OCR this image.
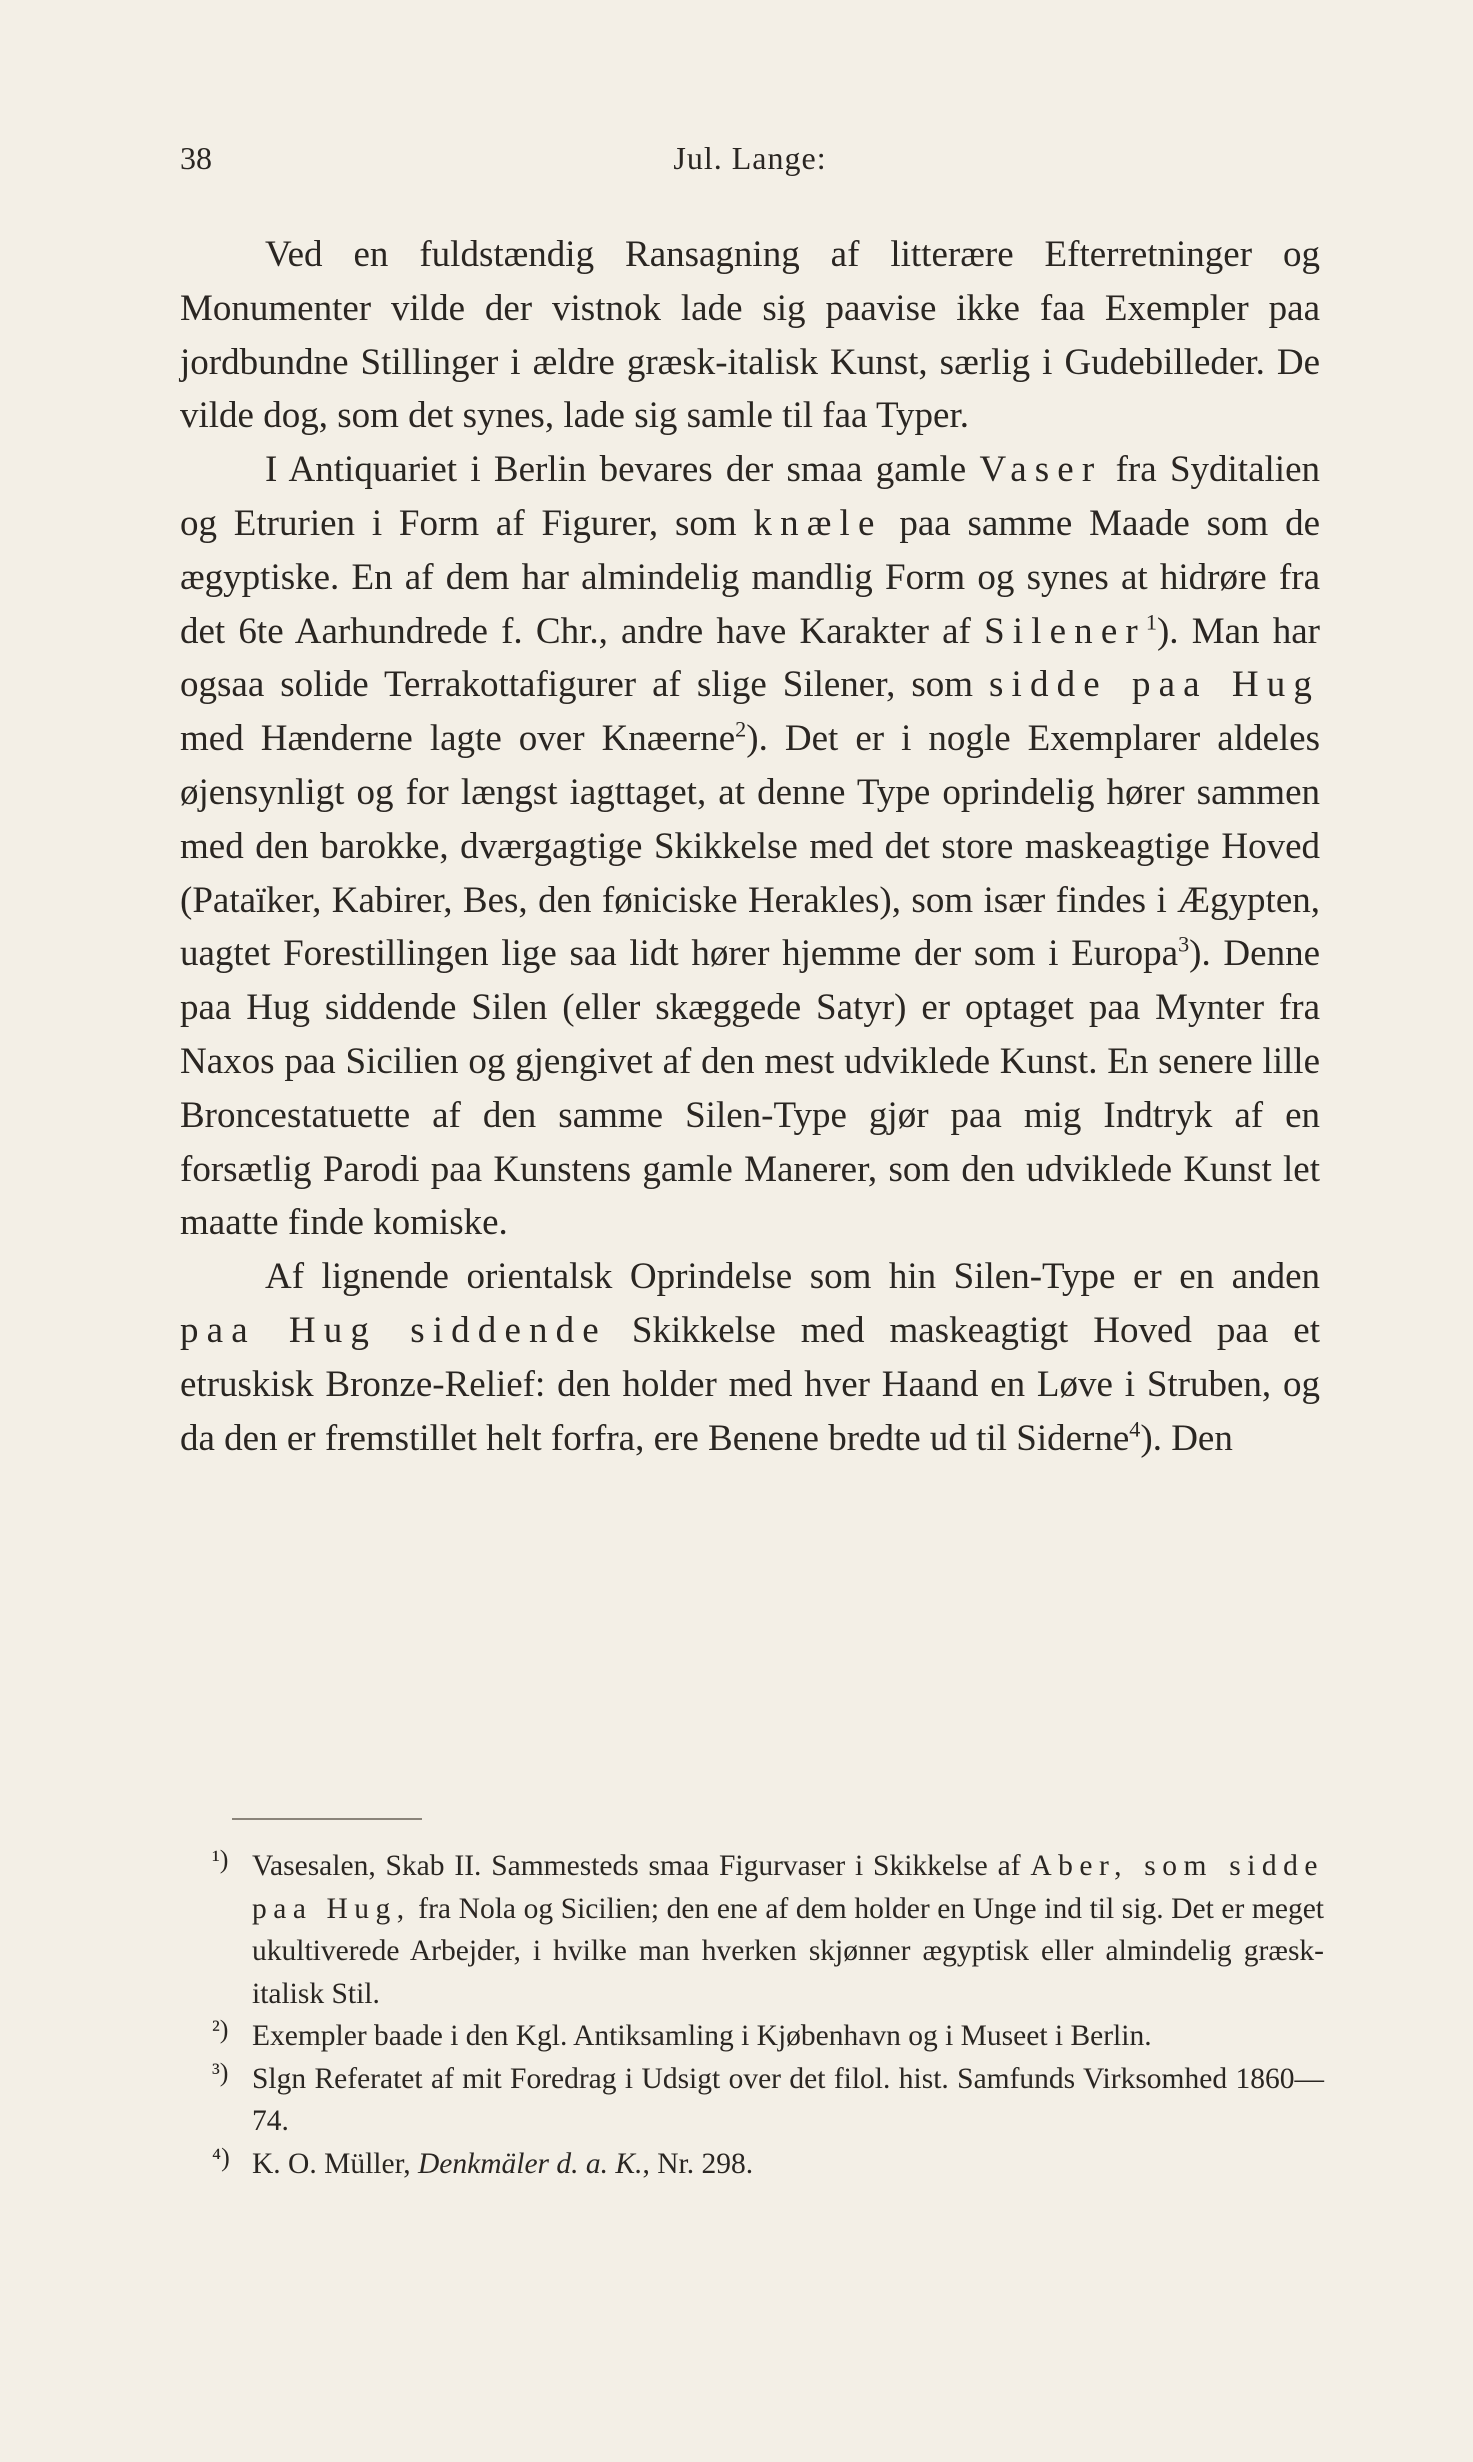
38	Jul. Lange:

Ved en fuldstændig Ransagning af litterære Efterretninger og Monumenter vilde der vistnok lade sig paavise ikke faa Exempler paa jordbundne Stillinger i ældre græsk-italisk Kunst, særlig i Gudebilleder. De vilde dog, som det synes, lade sig samle til faa Typer.

I Antiquariet i Berlin bevares der smaa gamle Vaser fra Syditalien og Etrurien i Form af Figurer, som knæle paa samme Maade som de ægyptiske. En af dem har almindelig mandlig Form og synes at hidrøre fra det 6te Aarhundrede f. Chr., andre have Karakter af Silener$^1$). Man har ogsaa solide Terrakottafigurer af slige Silener, som sidde paa Hug med Hænderne lagte over Knæerne$^2$). Det er i nogle Exemplarer aldeles øjensynligt og for længst iagttaget, at denne Type oprindelig hører sammen med den barokke, dværgagtige Skikkelse med det store maskeagtige Hoved (Pataïker, Kabirer, Bes, den føniciske Herakles), som især findes i Ægypten, uagtet Forestillingen lige saa lidt hører hjemme der som i Europa$^3$). Denne paa Hug siddende Silen (eller skæggede Satyr) er optaget paa Mynter fra Naxos paa Sicilien og gjengivet af den mest udviklede Kunst. En senere lille Broncestatuette af den samme Silen-Type gjør paa mig Indtryk af en forsætlig Parodi paa Kunstens gamle Manerer, som den udviklede Kunst let maatte finde komiske.

Af lignende orientalsk Oprindelse som hin Silen-Type er en anden paa Hug siddende Skikkelse med maskeagtigt Hoved paa et etruskisk Bronze-Relief: den holder med hver Haand en Løve i Struben, og da den er fremstillet helt forfra, ere Benene bredte ud til Siderne$^4$). Den

¹) Vasesalen, Skab II. Sammesteds smaa Figurvaser i Skikkelse af Aber, som sidde paa Hug, fra Nola og Sicilien; den ene af dem holder en Unge ind til sig. Det er meget ukultiverede Arbejder, i hvilke man hverken skjønner ægyptisk eller almindelig græsk-italisk Stil.
²) Exempler baade i den Kgl. Antiksamling i Kjøbenhavn og i Museet i Berlin.
³) Slgn Referatet af mit Foredrag i Udsigt over det filol. hist. Samfunds Virksomhed 1860—74.
⁴) K. O. Müller, Denkmäler d. a. K., Nr. 298.
